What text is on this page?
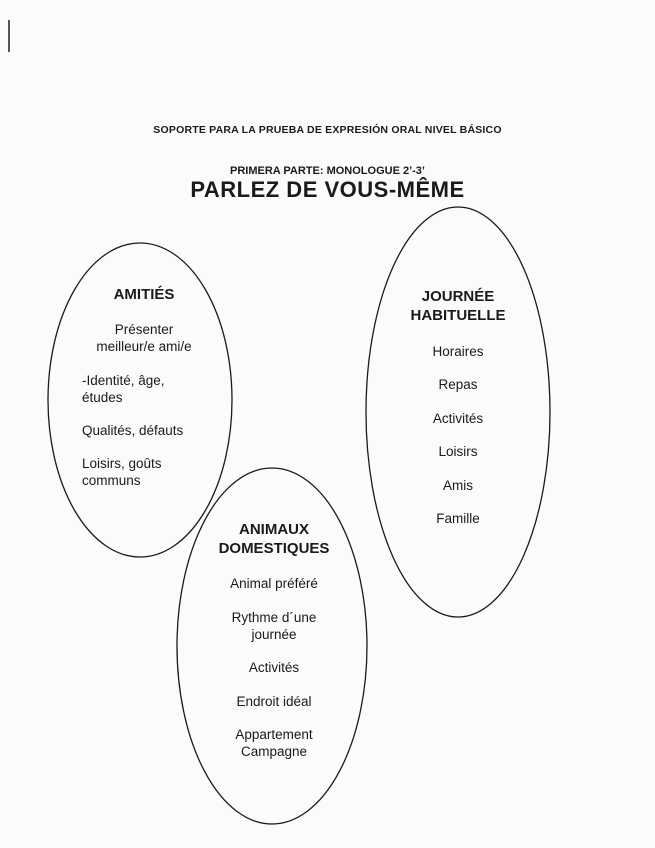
SOPORTE PARA LA PRUEBA DE EXPRESIÓN ORAL NIVEL BÁSICO
PRIMERA PARTE: MONOLOGUE 2’-3’
PARLEZ DE VOUS-MÊME
AMITIÉS
Présenter
meilleur/e ami/e
-Identité, âge,
études
Qualités, défauts
Loisirs, goûts
communs
JOURNÉE
HABITUELLE
Horaires
Repas
Activités
Loisirs
Amis
Famille
ANIMAUX
DOMESTIQUES
Animal préféré
Rythme d´une
journée
Activités
Endroit idéal
Appartement
Campagne
